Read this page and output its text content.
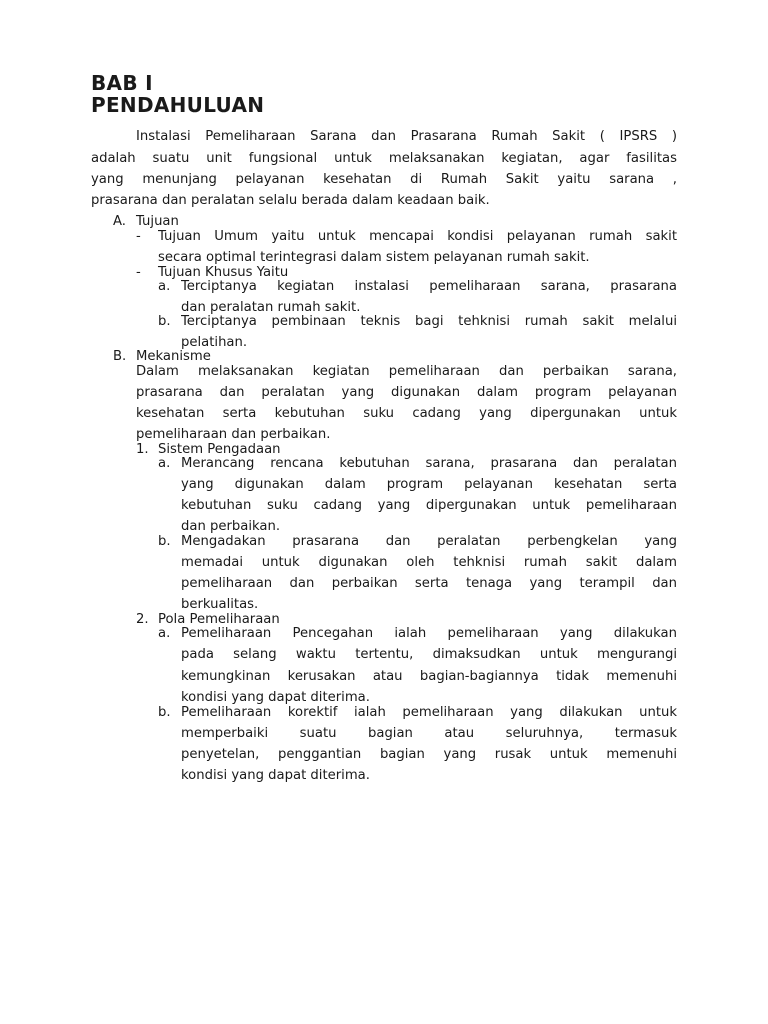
BAB I
PENDAHULUAN
Instalasi Pemeliharaan Sarana dan Prasarana Rumah Sakit ( IPSRS )
adalah suatu unit fungsional untuk melaksanakan kegiatan, agar fasilitas
yang menunjang pelayanan kesehatan di Rumah Sakit yaitu sarana ,
prasarana dan peralatan selalu berada dalam keadaan baik.
A. Tujuan
- Tujuan Umum yaitu untuk mencapai kondisi pelayanan rumah sakit
secara optimal terintegrasi dalam sistem pelayanan rumah sakit.
- Tujuan Khusus Yaitu
a. Terciptanya kegiatan instalasi pemeliharaan sarana, prasarana
dan peralatan rumah sakit.
b. Terciptanya pembinaan teknis bagi tehknisi rumah sakit melalui
pelatihan.
B. Mekanisme
Dalam melaksanakan kegiatan pemeliharaan dan perbaikan sarana,
prasarana dan peralatan yang digunakan dalam program pelayanan
kesehatan serta kebutuhan suku cadang yang dipergunakan untuk
pemeliharaan dan perbaikan.
1. Sistem Pengadaan
a. Merancang rencana kebutuhan sarana, prasarana dan peralatan
yang digunakan dalam program pelayanan kesehatan serta
kebutuhan suku cadang yang dipergunakan untuk pemeliharaan
dan perbaikan.
b. Mengadakan prasarana dan peralatan perbengkelan yang
memadai untuk digunakan oleh tehknisi rumah sakit dalam
pemeliharaan dan perbaikan serta tenaga yang terampil dan
berkualitas.
2. Pola Pemeliharaan
a. Pemeliharaan Pencegahan ialah pemeliharaan yang dilakukan
pada selang waktu tertentu, dimaksudkan untuk mengurangi
kemungkinan kerusakan atau bagian-bagiannya tidak memenuhi
kondisi yang dapat diterima.
b. Pemeliharaan korektif ialah pemeliharaan yang dilakukan untuk
memperbaiki suatu bagian atau seluruhnya, termasuk
penyetelan, penggantian bagian yang rusak untuk memenuhi
kondisi yang dapat diterima.
